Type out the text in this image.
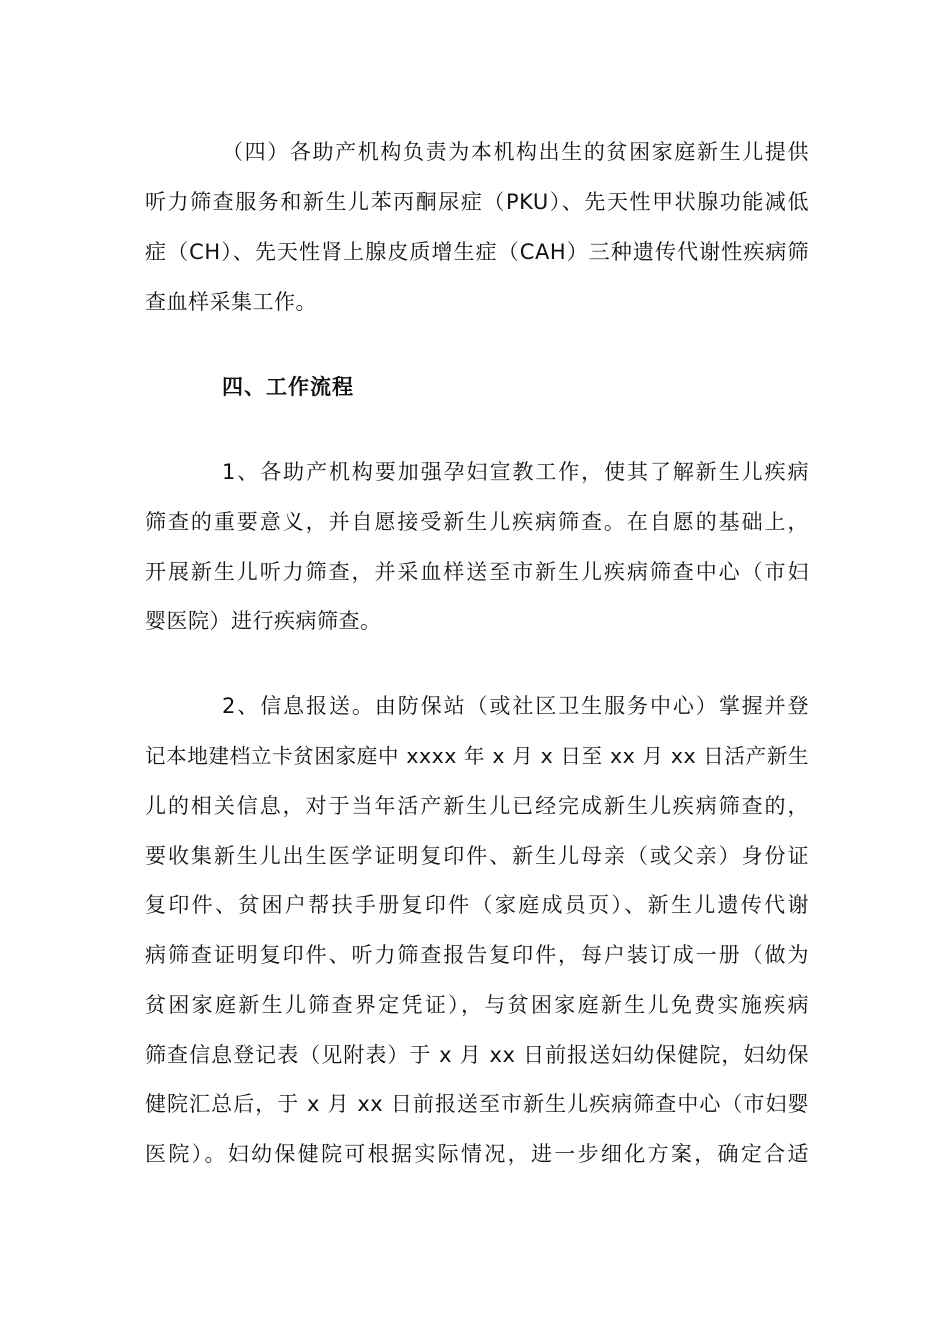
（四）各助产机构负责为本机构出生的贫困家庭新生儿提供
听力筛查服务和新生儿苯丙酮尿症（PKU）、先天性甲状腺功能减低
症（CH）、先天性肾上腺皮质增生症（CAH）三种遗传代谢性疾病筛
查血样采集工作。
四、工作流程
1、各助产机构要加强孕妇宣教工作，使其了解新生儿疾病
筛查的重要意义，并自愿接受新生儿疾病筛查。在自愿的基础上，
开展新生儿听力筛查，并采血样送至市新生儿疾病筛查中心（市妇
婴医院）进行疾病筛查。
2、信息报送。由防保站（或社区卫生服务中心）掌握并登
记本地建档立卡贫困家庭中 xxxx 年 x 月 x 日至 xx 月 xx 日活产新生
儿的相关信息，对于当年活产新生儿已经完成新生儿疾病筛查的，
要收集新生儿出生医学证明复印件、新生儿母亲（或父亲）身份证
复印件、贫困户帮扶手册复印件（家庭成员页）、新生儿遗传代谢
病筛查证明复印件、听力筛查报告复印件，每户装订成一册（做为
贫困家庭新生儿筛查界定凭证），与贫困家庭新生儿免费实施疾病
筛查信息登记表（见附表）于 x 月 xx 日前报送妇幼保健院，妇幼保
健院汇总后，于 x 月 xx 日前报送至市新生儿疾病筛查中心（市妇婴
医院）。妇幼保健院可根据实际情况，进一步细化方案，确定合适
